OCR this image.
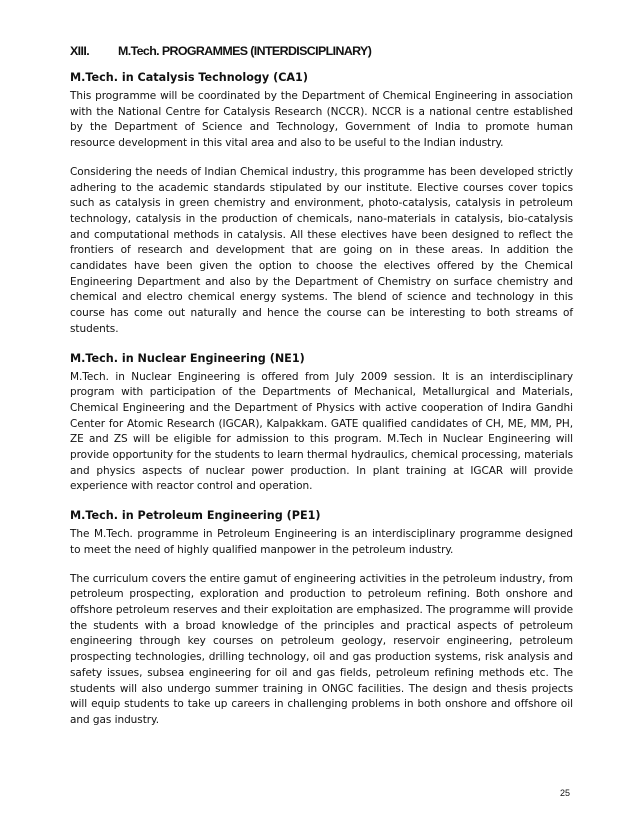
XIII. M.Tech. PROGRAMMES (INTERDISCIPLINARY)
M.Tech. in Catalysis Technology (CA1)

This programme will be coordinated by the Department of Chemical Engineering in association with the National Centre for Catalysis Research (NCCR). NCCR is a national centre established by the Department of Science and Technology, Government of India to promote human resource development in this vital area and also to be useful to the Indian industry.

Considering the needs of Indian Chemical industry, this programme has been developed strictly adhering to the academic standards stipulated by our institute. Elective courses cover topics such as catalysis in green chemistry and environment, photo-catalysis, catalysis in petroleum technology, catalysis in the production of chemicals, nano-materials in catalysis, bio-catalysis and computational methods in catalysis. All these electives have been designed to reflect the frontiers of research and development that are going on in these areas. In addition the candidates have been given the option to choose the electives offered by the Chemical Engineering Department and also by the Department of Chemistry on surface chemistry and chemical and electro chemical energy systems. The blend of science and technology in this course has come out naturally and hence the course can be interesting to both streams of students.

M.Tech. in Nuclear Engineering (NE1)

M.Tech. in Nuclear Engineering is offered from July 2009 session. It is an interdisciplinary program with participation of the Departments of Mechanical, Metallurgical and Materials, Chemical Engineering and the Department of Physics with active cooperation of Indira Gandhi Center for Atomic Research (IGCAR), Kalpakkam. GATE qualified candidates of CH, ME, MM, PH, ZE and ZS will be eligible for admission to this program. M.Tech in Nuclear Engineering will provide opportunity for the students to learn thermal hydraulics, chemical processing, materials and physics aspects of nuclear power production. In plant training at IGCAR will provide experience with reactor control and operation.

M.Tech. in Petroleum Engineering (PE1)

The M.Tech. programme in Petroleum Engineering is an interdisciplinary programme designed to meet the need of highly qualified manpower in the petroleum industry.

The curriculum covers the entire gamut of engineering activities in the petroleum industry, from petroleum prospecting, exploration and production to petroleum refining. Both onshore and offshore petroleum reserves and their exploitation are emphasized. The programme will provide the students with a broad knowledge of the principles and practical aspects of petroleum engineering through key courses on petroleum geology, reservoir engineering, petroleum prospecting technologies, drilling technology, oil and gas production systems, risk analysis and safety issues, subsea engineering for oil and gas fields, petroleum refining methods etc. The students will also undergo summer training in ONGC facilities. The design and thesis projects will equip students to take up careers in challenging problems in both onshore and offshore oil and gas industry.

25
